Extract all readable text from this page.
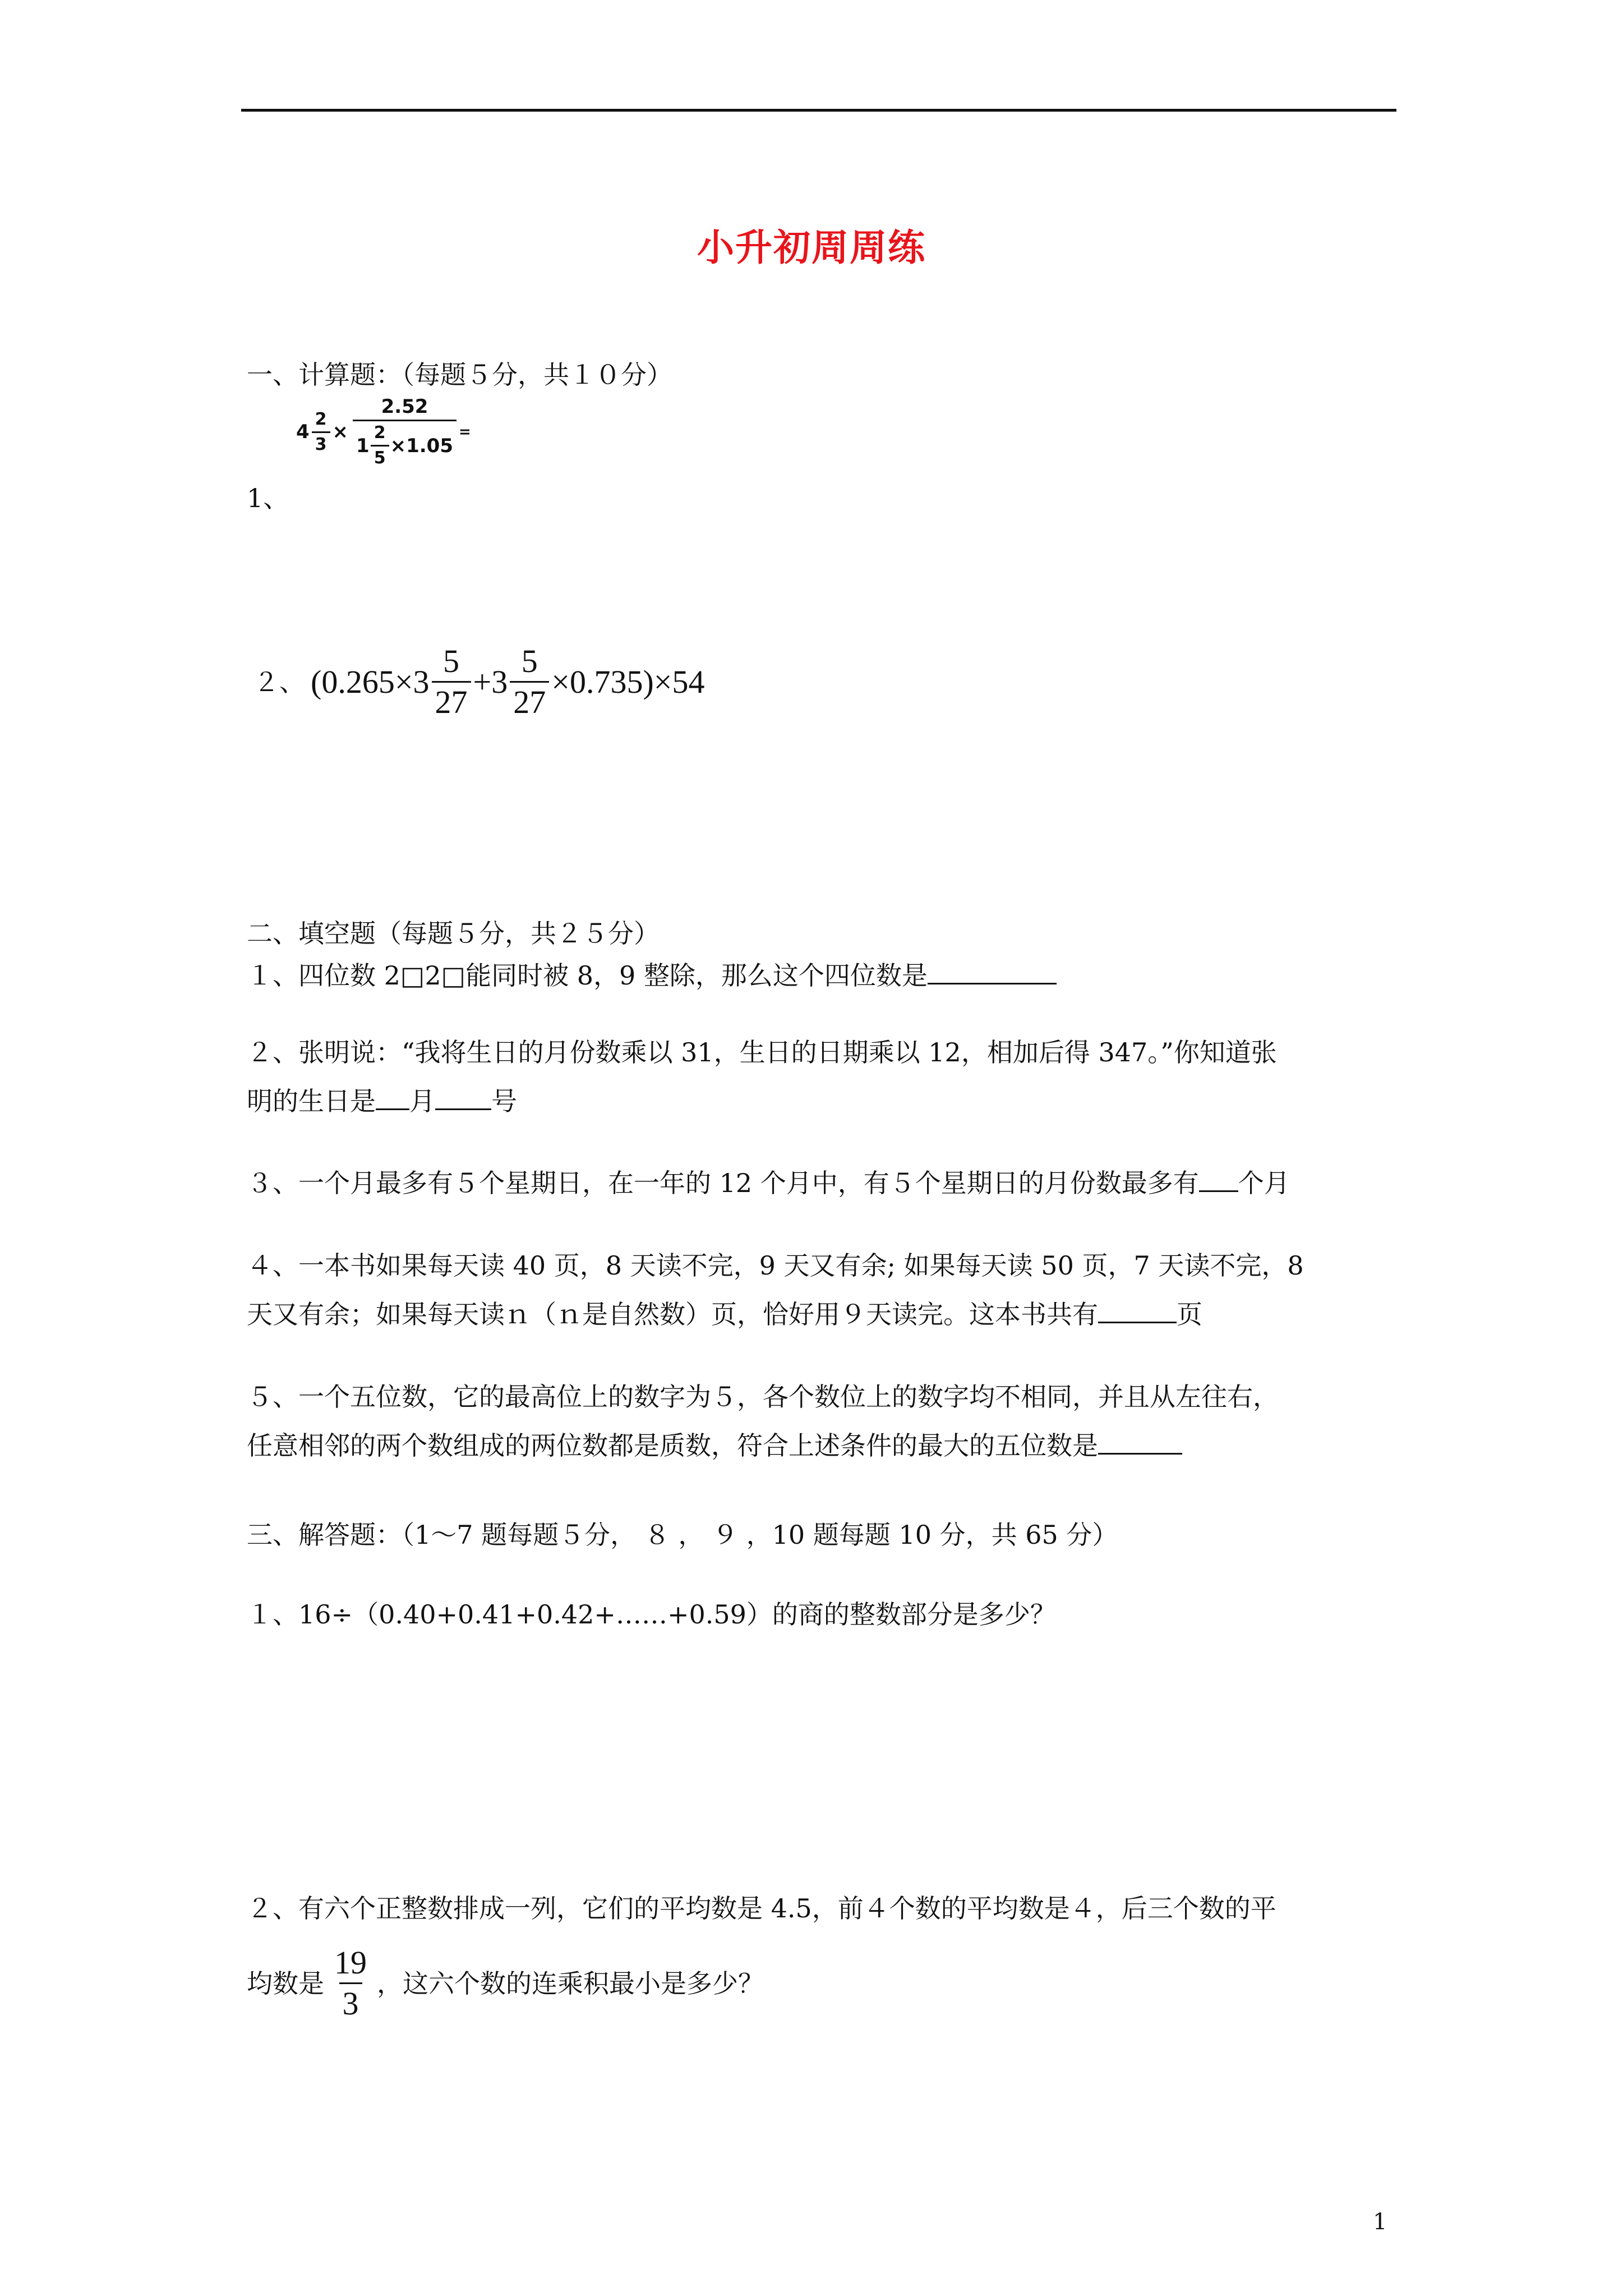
小升初周周练
一、计算题：（每题５分，共１０分）
$4 \frac{2}{3} \times \frac{2.52}{1 \frac{2}{5} \times 1.05}$ =
1、
２、 $(0.265\times 3 \frac{5}{27} +3 \frac{5}{27} \times 0.735)\times 54$
二、填空题（每题５分，共２５分）
１、四位数 2□2□能同时被 8，9 整除，那么这个四位数是
２、张明说：“我将生日的月份数乘以 31，生日的日期乘以 12，相加后得 347。”你知道张
明的生日是 月 号
３、一个月最多有５个星期日，在一年的 12 个月中，有５个星期日的月份数最多有 个月
４、一本书如果每天读 40 页，8 天读不完，9 天又有余; 如果每天读 50 页，7 天读不完，8
天又有余；如果每天读ｎ（ｎ是自然数）页，恰好用９天读完。这本书共有	页
５、一个五位数，它的最高位上的数字为５，各个数位上的数字均不相同，并且从左往右，
任意相邻的两个数组成的两位数都是质数，符合上述条件的最大的五位数是
三、解答题：（1～7 题每题５分， ８ ， ９ ，10 题每题 10 分，共 65 分）
１、16÷（0.40+0.41+0.42+……+0.59）的商的整数部分是多少？
２、有六个正整数排成一列，它们的平均数是 4.5，前４个数的平均数是４，后三个数的平
均数是 $\frac{19}{3}$ ，这六个数的连乘积最小是多少？
1
